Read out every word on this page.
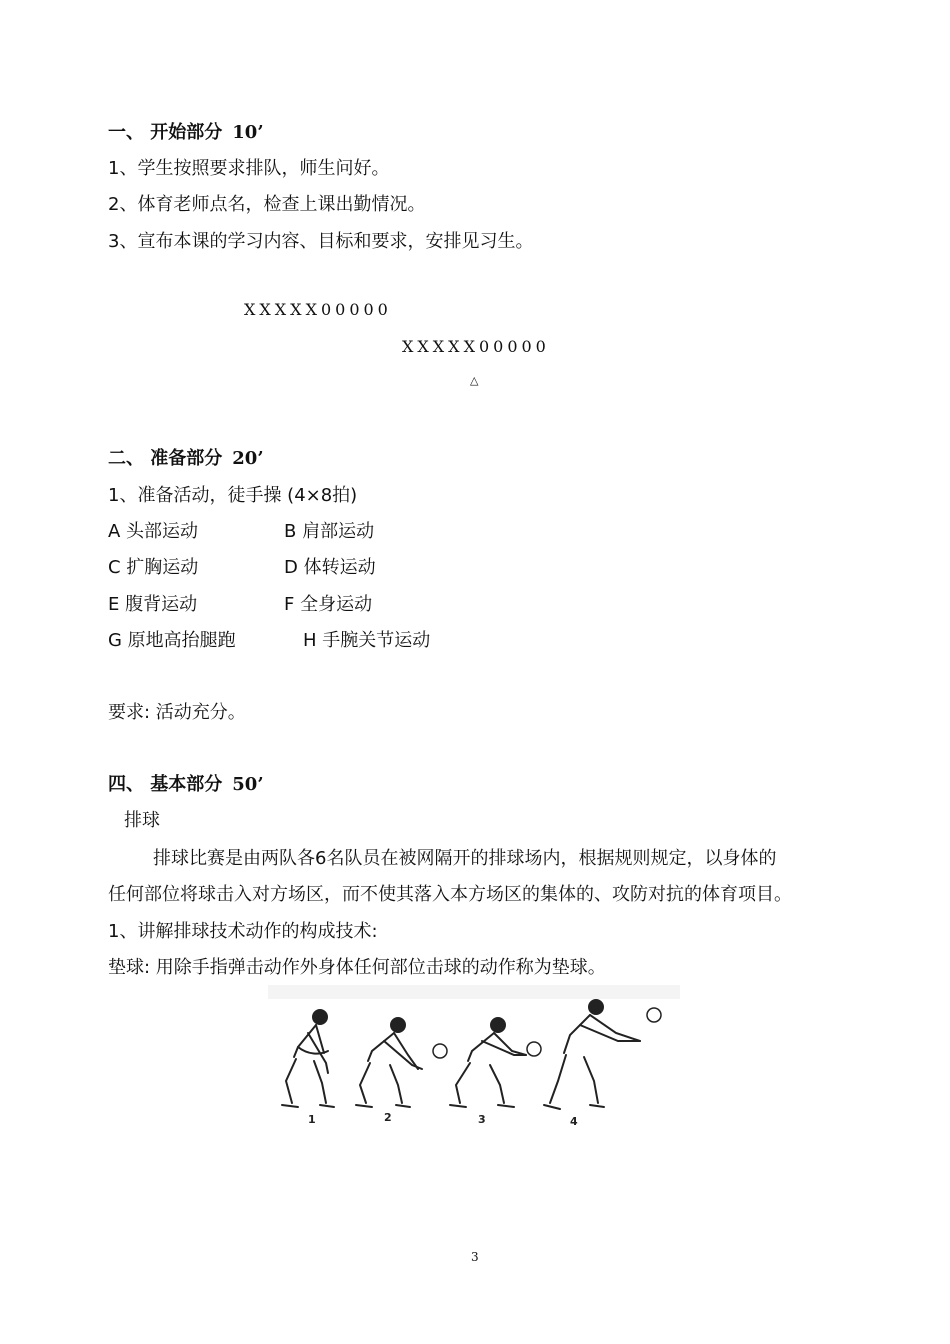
一、 开始部分 10’
1、学生按照要求排队，师生问好。
2、体育老师点名，检查上课出勤情况。
3、宣布本课的学习内容、目标和要求，安排见习生。
XXXXX00000
XXXXX00000
△
二、 准备部分 20’
1、准备活动，徒手操 (4×8拍)
A 头部运动	B 肩部运动
C 扩胸运动	D 体转运动
E 腹背运动	F 全身运动
G 原地高抬腿跑	H 手腕关节运动
要求: 活动充分。
四、 基本部分 50’
排球
排球比赛是由两队各6名队员在被网隔开的排球场内，根据规则规定，以身体的
任何部位将球击入对方场区，而不使其落入本方场区的集体的、攻防对抗的体育项目。
1、讲解排球技术动作的构成技术:
垫球: 用除手指弹击动作外身体任何部位击球的动作称为垫球。
1	2	3	4
3
